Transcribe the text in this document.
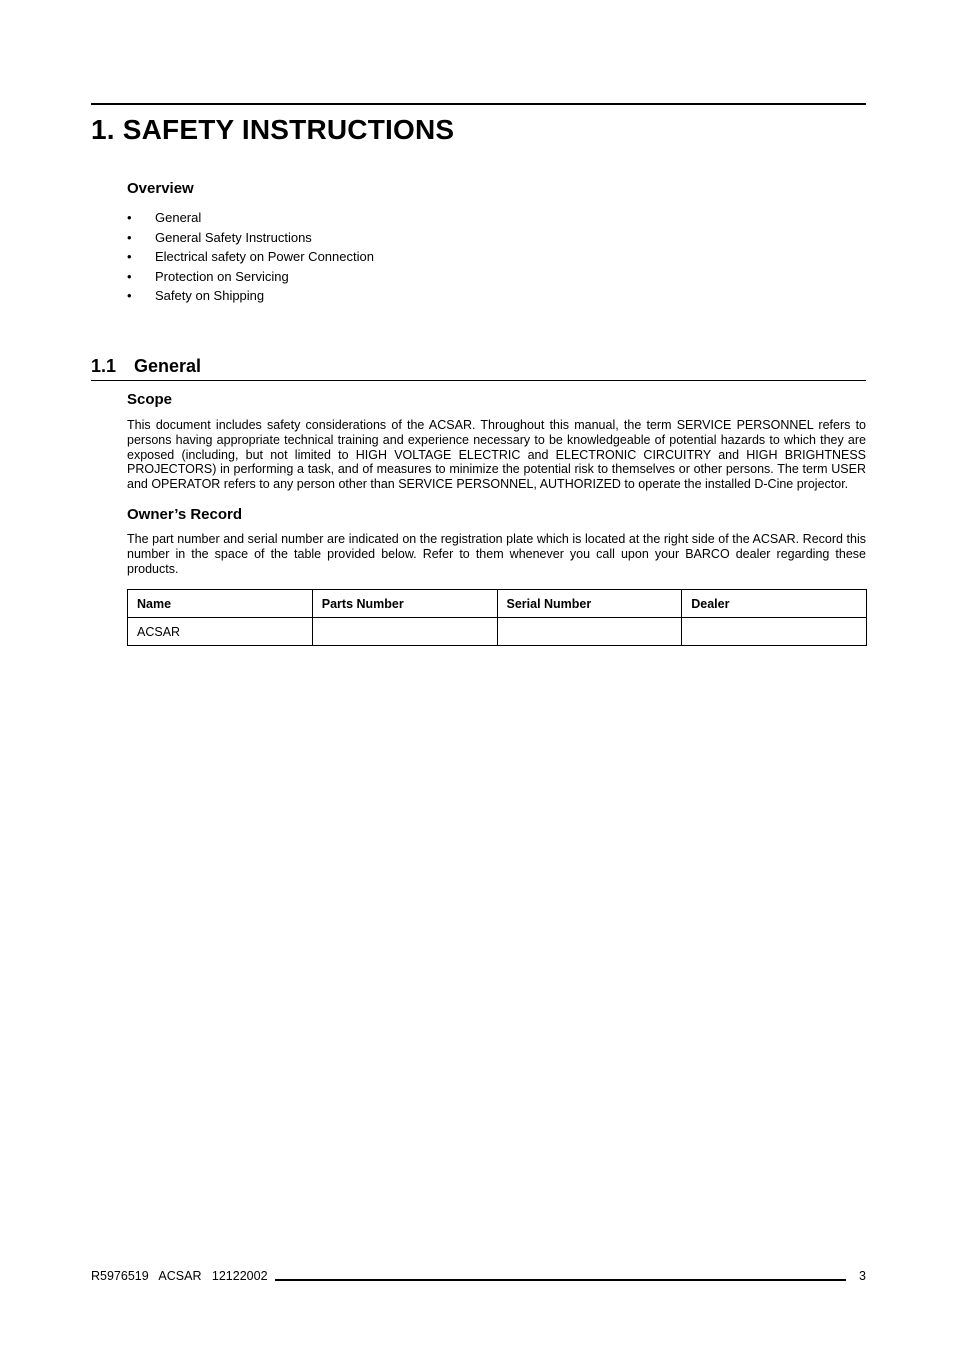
1. SAFETY INSTRUCTIONS
Overview
• General
• General Safety Instructions
• Electrical safety on Power Connection
• Protection on Servicing
• Safety on Shipping
1.1 General
Scope

This document includes safety considerations of the ACSAR. Throughout this manual, the term SERVICE PERSONNEL refers to persons having appropriate technical training and experience necessary to be knowledgeable of potential hazards to which they are exposed (including, but not limited to HIGH VOLTAGE ELECTRIC and ELECTRONIC CIRCUITRY and HIGH BRIGHTNESS PROJECTORS) in performing a task, and of measures to minimize the potential risk to themselves or other persons. The term USER and OPERATOR refers to any person other than SERVICE PERSONNEL, AUTHORIZED to operate the installed D-Cine projector.

Owner’s Record

The part number and serial number are indicated on the registration plate which is located at the right side of the ACSAR. Record this number in the space of the table provided below. Refer to them whenever you call upon your BARCO dealer regarding these products.

Name	Parts Number	Serial Number	Dealer
ACSAR			
R5976519   ACSAR   12122002	3
